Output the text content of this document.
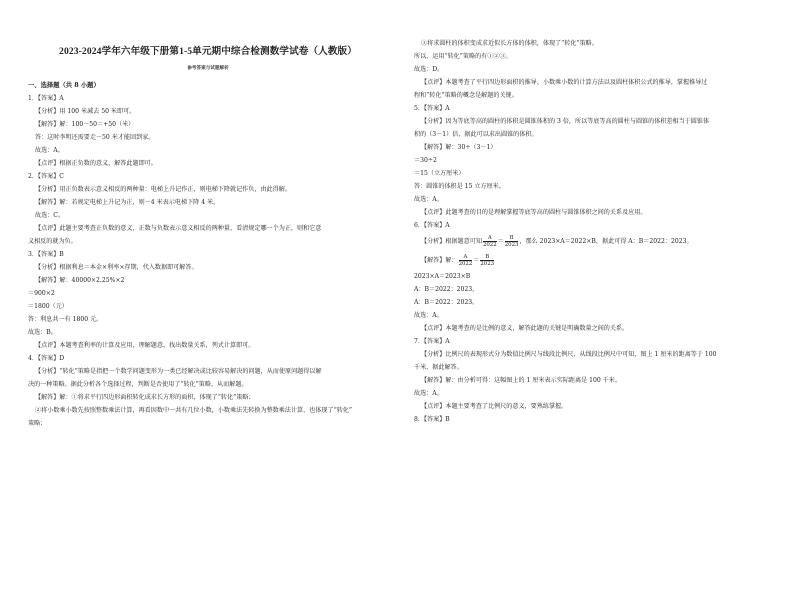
2023-2024学年六年级下册第1-5单元期中综合检测数学试卷（人教版）
参考答案与试题解析
一、选择题（共 8 小题）
1．【答案】A
【分析】用 100 米减去 50 米即可。
【解答】解：100－50＝+50（米）
答：这时李明还需要走－50 米才能回到家。
故选：A。
【点评】根据正负数的意义，解答此题即可。
2．【答案】C
【分析】用正负数表示意义相反的两种量：电梯上升记作正，则电梯下降就记作负，由此得解。
【解答】解：若规定电梯上升记为正，则－4 米表示电梯下降 4 米。
故选：C。
【点评】此题主要考查正负数的意义，正数与负数表示意义相反的两种量，看清规定哪一个为正，则和它意
义相反的就为负。
3．【答案】B
【分析】根据利息＝本金×利率×存期，代入数据即可解答。
【解答】解：40000×2.25%×2
＝900×2
＝1800（元）
答：利息共一有 1800 元。
故选：B。
【点评】本题考查利率的计算及应用，理解题意，找出数量关系，列式计算即可。
4．【答案】D
【分析】“转化”策略是指把一个数学问题变形为一类已经解决或比较容易解决的问题，从而使原问题得以解
决的一种策略。据此分析各个选择过程，判断是否使用了“转化”策略，从而解题。
【解答】解：①将求平行四边形面积转化成求长方形的面积，体现了“转化”策略；
②将小数乘小数先按照整数乘法计算，再看因数中一共有几位小数，小数乘法先转换为整数乘法计算，也体现了“转化”
策略；
③将求圆柱的体积变成求近似长方体的体积，体现了“转化”策略。
所以，运用“转化”策略的有①②③。
故选：D。
【点评】本题考查了平行四边形面积的推导、小数乘小数的计算方法以及圆柱体积公式的推导，掌握推导过
程和“转化”策略的概念是解题的关键。
5．【答案】A
【分析】因为等底等高的圆柱的体积是圆锥体积的 3 倍，所以等底等高的圆柱与圆锥的体积差相当于圆锥体
积的（3－1）倍，据此可以求出圆锥的体积。
【解答】解：30÷（3－1）
＝30÷2
＝15（立方厘米）
答：圆锥的体积是 15 立方厘米。
故选：A。
【点评】此题考查的目的是理解掌握等底等高的圆柱与圆锥体积之间的关系及应用。
6．【答案】A
【分析】根据题意可知 $\frac{A}{2022} = \frac{B}{2023}$ ，那么 2023×A＝2022×B，据此可得 A：B＝2022：2023。
【解答】解： $\frac{A}{2022} = \frac{B}{2023}$
2023×A＝2023×B
A：B＝2022：2023，
A：B＝2022：2023。
故选：A。
【点评】本题考查的是比例的意义，解答此题的关键是明确数量之间的关系。
7．【答案】A
【分析】比例尺的表现形式分为数值比例尺与线段比例尺，从线段比例尺中可知，图上 1 厘米的距离等于 100
千米，据此解答。
【解答】解：由分析可得：这幅图上的 1 厘米表示实际距离是 100 千米。
故选：A。
【点评】本题主要考查了比例尺的意义，要熟练掌握。
8．【答案】B
